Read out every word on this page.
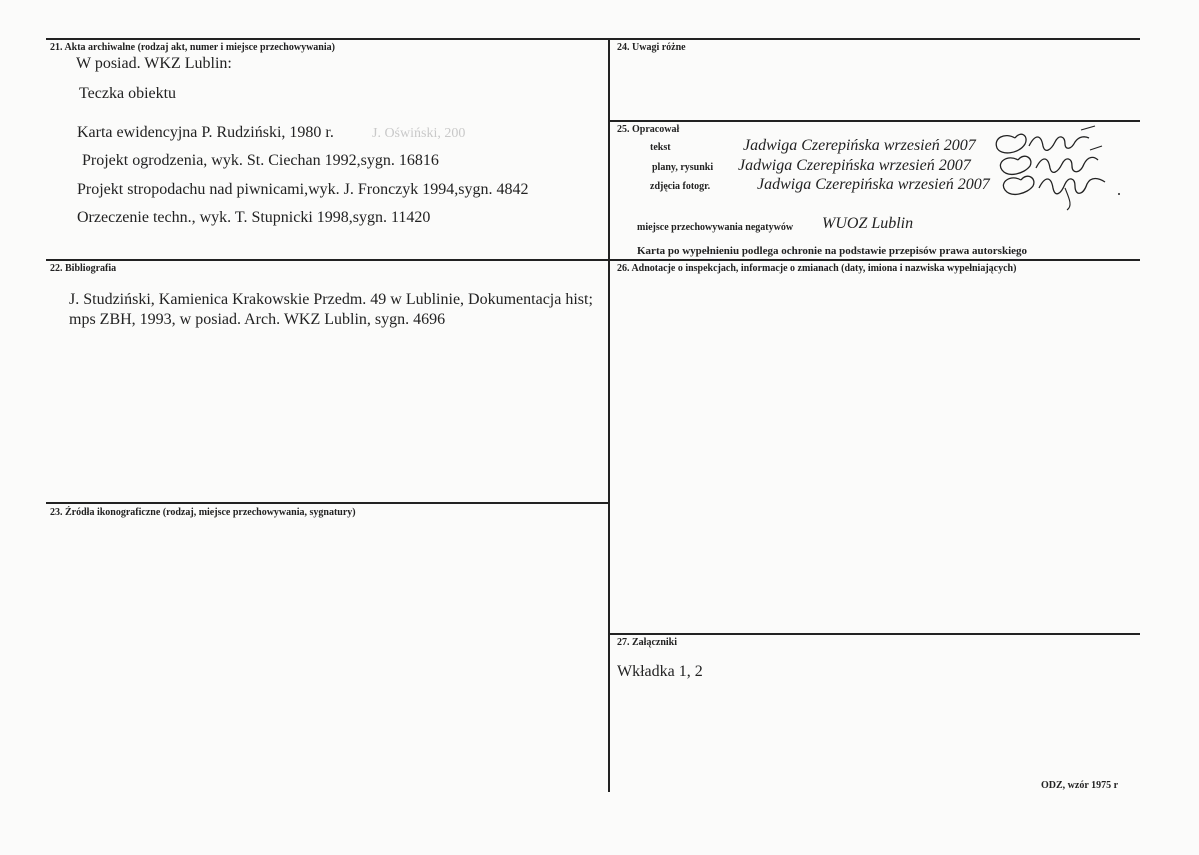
21. Akta archiwalne (rodzaj akt, numer i miejsce przechowywania)
W posiad. WKZ Lublin:
Teczka obiektu
Karta ewidencyjna P. Rudziński, 1980 r.	J. Oświński, 200
Projekt ogrodzenia, wyk. St. Ciechan 1992,sygn. 16816
Projekt stropodachu nad piwnicami,wyk. J. Fronczyk 1994,sygn. 4842
Orzeczenie techn., wyk. T. Stupnicki 1998,sygn. 11420
22. Bibliografia
J. Studziński, Kamienica Krakowskie Przedm. 49 w Lublinie, Dokumentacja hist; mps ZBH, 1993, w posiad. Arch. WKZ Lublin, sygn. 4696
23. Źródła ikonograficzne (rodzaj, miejsce przechowywania, sygnatury)
24. Uwagi różne
25. Opracował
tekst	Jadwiga Czerepińska wrzesień 2007
plany, rysunki Jadwiga Czerepińska wrzesień 2007
zdjęcia fotogr.	Jadwiga Czerepińska wrzesień 2007
miejsce przechowywania negatywów WUOZ Lublin
Karta po wypełnieniu podlega ochronie na podstawie przepisów prawa autorskiego
26. Adnotacje o inspekcjach, informacje o zmianach (daty, imiona i nazwiska wypełniających)
27. Załączniki
Wkładka 1, 2
ODZ, wzór 1975 r
